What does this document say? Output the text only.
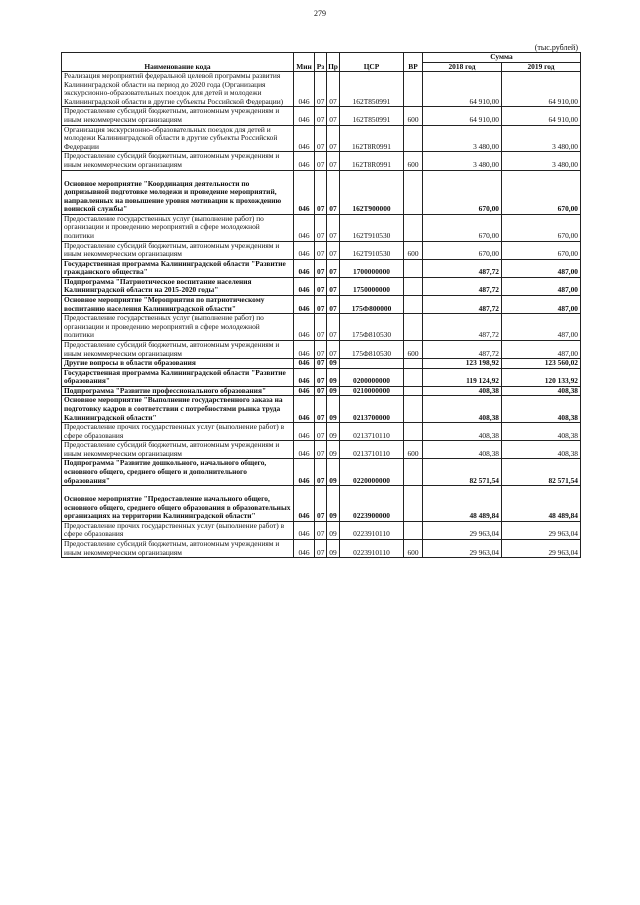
279
(тыс.рублей)
Наименование кода	Мин	Рз	Пр	ЦСР	ВР	Сумма	
						2018 год	2019 год
Реализация мероприятий федеральной целевой программы развития Калининградской области на период до 2020 года (Организация экскурсионно-образовательных поездок для детей и молодежи Калининградской области в другие субъекты Российской Федерации)	046	07	07	162Т850991		64 910,00	64 910,00
Предоставление субсидий бюджетным, автономным учреждениям и иным некоммерческим организациям	046	07	07	162Т850991	600	64 910,00	64 910,00
Организация экскурсионно-образовательных поездок для детей и молодежи Калининградской области в другие субъекты Российской Федерации	046	07	07	162Т8R0991		3 480,00	3 480,00
Предоставление субсидий бюджетным, автономным учреждениям и иным некоммерческим организациям	046	07	07	162Т8R0991	600	3 480,00	3 480,00
Основное мероприятие "Координация деятельности по допризывной подготовке молодежи и проведение мероприятий, направленных на повышение уровня мотивации к прохождению воинской службы"	046	07	07	162Т900000		670,00	670,00
Предоставление государственных услуг (выполнение работ) по организации и проведению мероприятий в сфере молодежной политики	046	07	07	162Т910530		670,00	670,00
Предоставление субсидий бюджетным, автономным учреждениям и иным некоммерческим организациям	046	07	07	162Т910530	600	670,00	670,00
Государственная программа Калининградской области "Развитие гражданского общества"	046	07	07	1700000000		487,72	487,00
Подпрограмма "Патриотическое воспитание населения Калининградской области на 2015-2020 годы"	046	07	07	1750000000		487,72	487,00
Основное мероприятие "Мероприятия по патриотическому воспитанию населения Калининградской области"	046	07	07	175Ф800000		487,72	487,00
Предоставление государственных услуг (выполнение работ) по организации и проведению мероприятий в сфере молодежной политики	046	07	07	175Ф810530		487,72	487,00
Предоставление субсидий бюджетным, автономным учреждениям и иным некоммерческим организациям	046	07	07	175Ф810530	600	487,72	487,00
Другие вопросы в области образования	046	07	09			123 198,92	123 560,02
Государственная программа Калининградской области "Развитие образования"	046	07	09	0200000000		119 124,92	120 133,92
Подпрограмма "Развитие профессионального образования"	046	07	09	0210000000		408,38	408,38
Основное мероприятие "Выполнение государственного заказа на подготовку кадров в соответствии с потребностями рынка труда Калининградской области"	046	07	09	0213700000		408,38	408,38
Предоставление прочих государственных услуг (выполнение работ) в сфере образования	046	07	09	0213710110		408,38	408,38
Предоставление субсидий бюджетным, автономным учреждениям и иным некоммерческим организациям	046	07	09	0213710110	600	408,38	408,38
Подпрограмма "Развитие дошкольного, начального общего, основного общего, среднего общего и дополнительного образования"	046	07	09	0220000000		82 571,54	82 571,54
Основное мероприятие "Предоставление начального общего, основного общего, среднего общего образования в образовательных организациях на территории Калининградской области"	046	07	09	0223900000		48 489,84	48 489,84
Предоставление прочих государственных услуг (выполнение работ) в сфере образования	046	07	09	0223910110		29 963,04	29 963,04
Предоставление субсидий бюджетным, автономным учреждениям и иным некоммерческим организациям	046	07	09	0223910110	600	29 963,04	29 963,04
